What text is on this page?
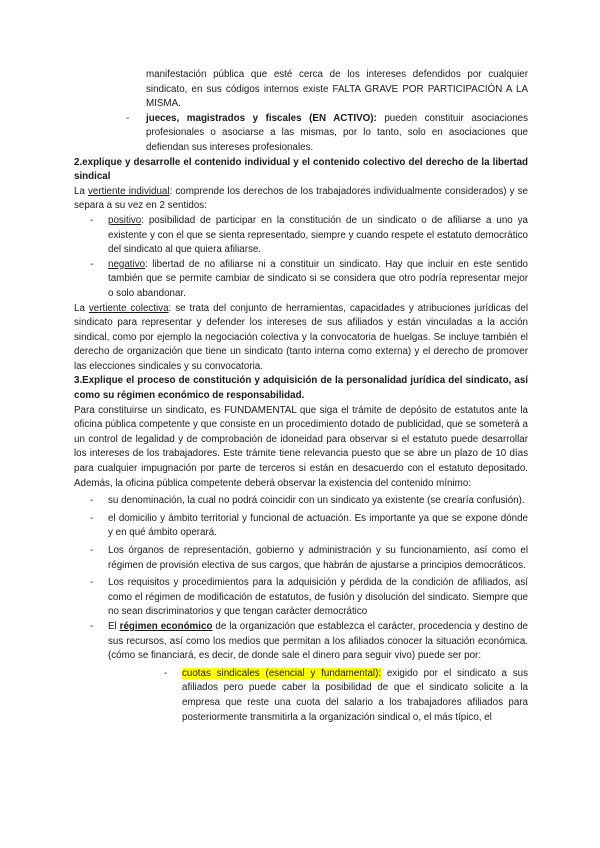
manifestación pública que esté cerca de los intereses defendidos por cualquier sindicato, en sus códigos internos existe FALTA GRAVE POR PARTICIPACIÓN A LA MISMA.

- jueces, magistrados y fiscales (EN ACTIVO): pueden constituir asociaciones profesionales o asociarse a las mismas, por lo tanto, solo en asociaciones que defiendan sus intereses profesionales.

2.explique y desarrolle el contenido individual y el contenido colectivo del derecho de la libertad sindical

La vertiente individual: comprende los derechos de los trabajadores individualmente considerados) y se separa a su vez en 2 sentidos:

- positivo: posibilidad de participar en la constitución de un sindicato o de afiliarse a uno ya existente y con el que se sienta representado, siempre y cuando respete el estatuto democrático del sindicato al que quiera afiliarse.

- negativo: libertad de no afiliarse ni a constituir un sindicato. Hay que incluir en este sentido también que se permite cambiar de sindicato si se considera que otro podría representar mejor o solo abandonar.

La vertiente colectiva: se trata del conjunto de herramientas, capacidades y atribuciones jurídicas del sindicato para representar y defender los intereses de sus afiliados y están vinculadas a la acción sindical, como por ejemplo la negociación colectiva y la convocatoria de huelgas. Se incluye también el derecho de organización que tiene un sindicato (tanto interna como externa) y el derecho de promover las elecciones sindicales y su convocatoria.

3.Explique el proceso de constitución y adquisición de la personalidad jurídica del sindicato, así como su régimen económico de responsabilidad.

Para constituirse un sindicato, es FUNDAMENTAL que siga el trámite de depósito de estatutos ante la oficina pública competente y que consiste en un procedimiento dotado de publicidad, que se someterá a un control de legalidad y de comprobación de idoneidad para observar si el estatuto puede desarrollar los intereses de los trabajadores. Este trámite tiene relevancia puesto que se abre un plazo de 10 días para cualquier impugnación por parte de terceros si están en desacuerdo con el estatuto depositado. Además, la oficina pública competente deberá observar la existencia del contenido mínimo:

- su denominación, la cual no podrá coincidir con un sindicato ya existente (se crearía confusión).

- el domicilio y ámbito territorial y funcional de actuación. Es importante ya que se expone dónde y en qué ámbito operará.

- Los órganos de representación, gobierno y administración y su funcionamiento, así como el régimen de provisión electiva de sus cargos, que habrán de ajustarse a principios democráticos.

- Los requisitos y procedimientos para la adquisición y pérdida de la condición de afiliados, así como el régimen de modificación de estatutos, de fusión y disolución del sindicato. Siempre que no sean discriminatorios y que tengan carácter democrático

- El régimen económico de la organización que establezca el carácter, procedencia y destino de sus recursos, así como los medios que permitan a los afiliados conocer la situación económica. (cómo se financiará, es decir, de donde sale el dinero para seguir vivo) puede ser por:

- cuotas sindicales (esencial y fundamental): exigido por el sindicato a sus afiliados pero puede caber la posibilidad de que el sindicato solicite a la empresa que reste una cuota del salario a los trabajadores afiliados para posteriormente transmitirla a la organización sindical o, el más típico, el
